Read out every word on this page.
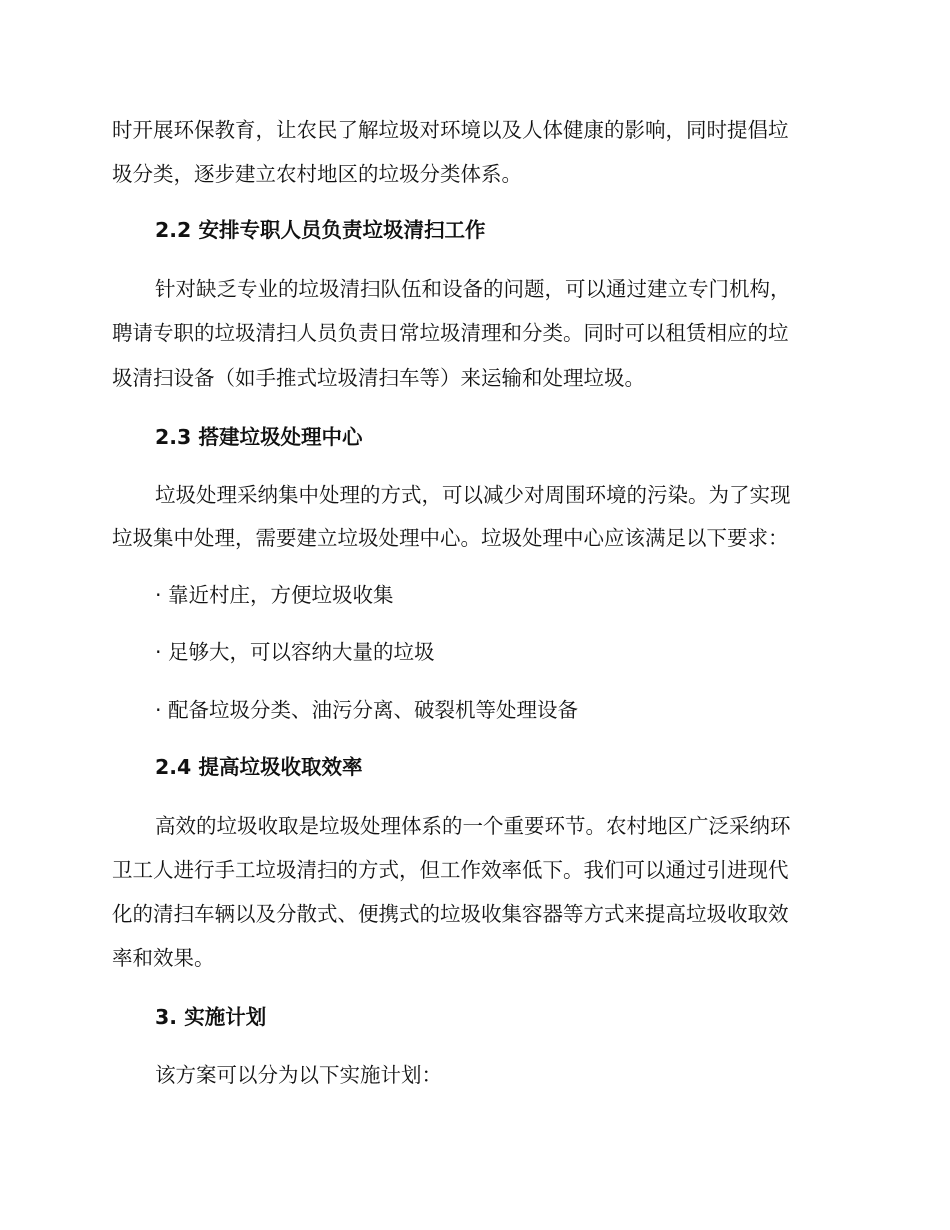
时开展环保教育，让农民了解垃圾对环境以及人体健康的影响，同时提倡垃
圾分类，逐步建立农村地区的垃圾分类体系。
2.2 安排专职人员负责垃圾清扫工作
针对缺乏专业的垃圾清扫队伍和设备的问题，可以通过建立专门机构，
聘请专职的垃圾清扫人员负责日常垃圾清理和分类。同时可以租赁相应的垃
圾清扫设备（如手推式垃圾清扫车等）来运输和处理垃圾。
2.3 搭建垃圾处理中心
垃圾处理采纳集中处理的方式，可以减少对周围环境的污染。为了实现
垃圾集中处理，需要建立垃圾处理中心。垃圾处理中心应该满足以下要求：
· 靠近村庄，方便垃圾收集
· 足够大，可以容纳大量的垃圾
· 配备垃圾分类、油污分离、破裂机等处理设备
2.4 提高垃圾收取效率
高效的垃圾收取是垃圾处理体系的一个重要环节。农村地区广泛采纳环
卫工人进行手工垃圾清扫的方式，但工作效率低下。我们可以通过引进现代
化的清扫车辆以及分散式、便携式的垃圾收集容器等方式来提高垃圾收取效
率和效果。
3. 实施计划
该方案可以分为以下实施计划：
